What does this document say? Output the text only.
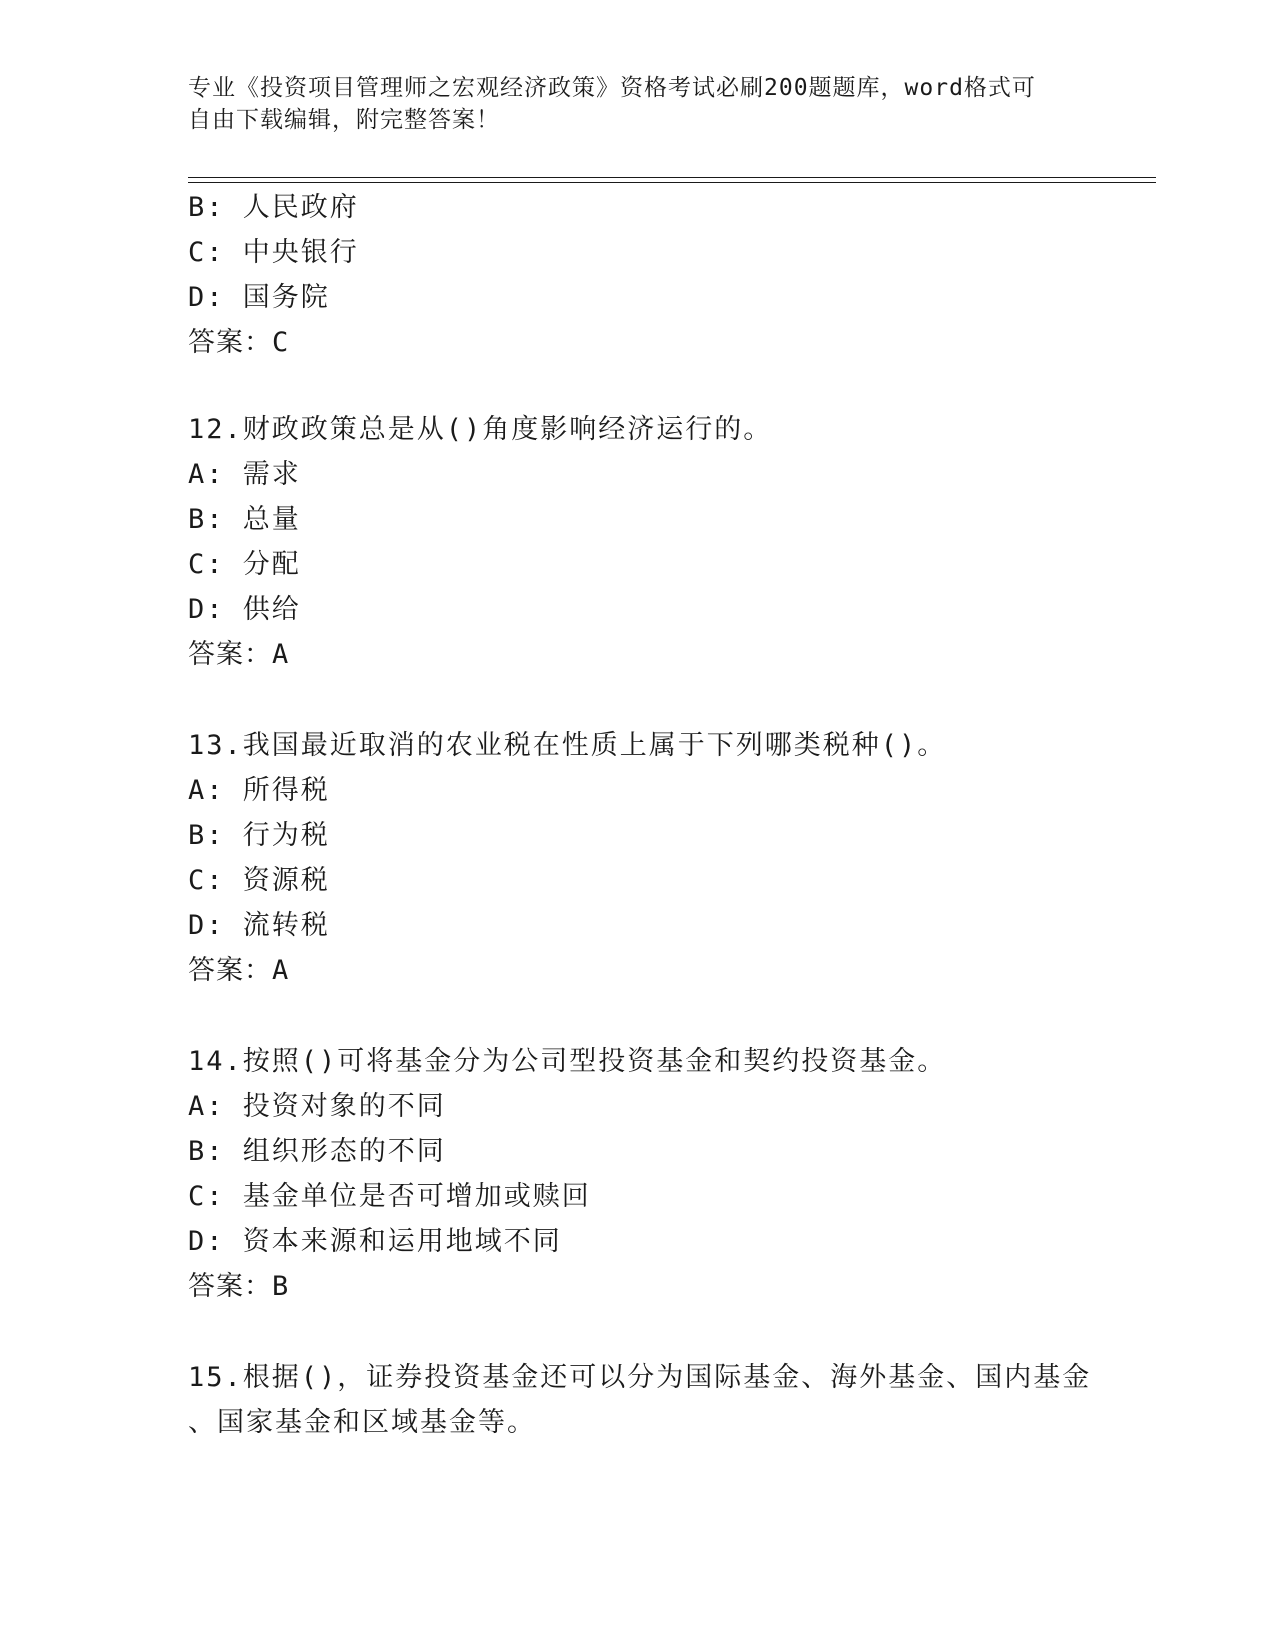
专业《投资项目管理师之宏观经济政策》资格考试必刷200题题库，word格式可
自由下载编辑，附完整答案！
B: 人民政府
C: 中央银行
D: 国务院
答案：C
12.财政政策总是从()角度影响经济运行的。
A: 需求
B: 总量
C: 分配
D: 供给
答案：A
13.我国最近取消的农业税在性质上属于下列哪类税种()。
A: 所得税
B: 行为税
C: 资源税
D: 流转税
答案：A
14.按照()可将基金分为公司型投资基金和契约投资基金。
A: 投资对象的不同
B: 组织形态的不同
C: 基金单位是否可增加或赎回
D: 资本来源和运用地域不同
答案：B
15.根据()，证券投资基金还可以分为国际基金、海外基金、国内基金
、国家基金和区域基金等。
